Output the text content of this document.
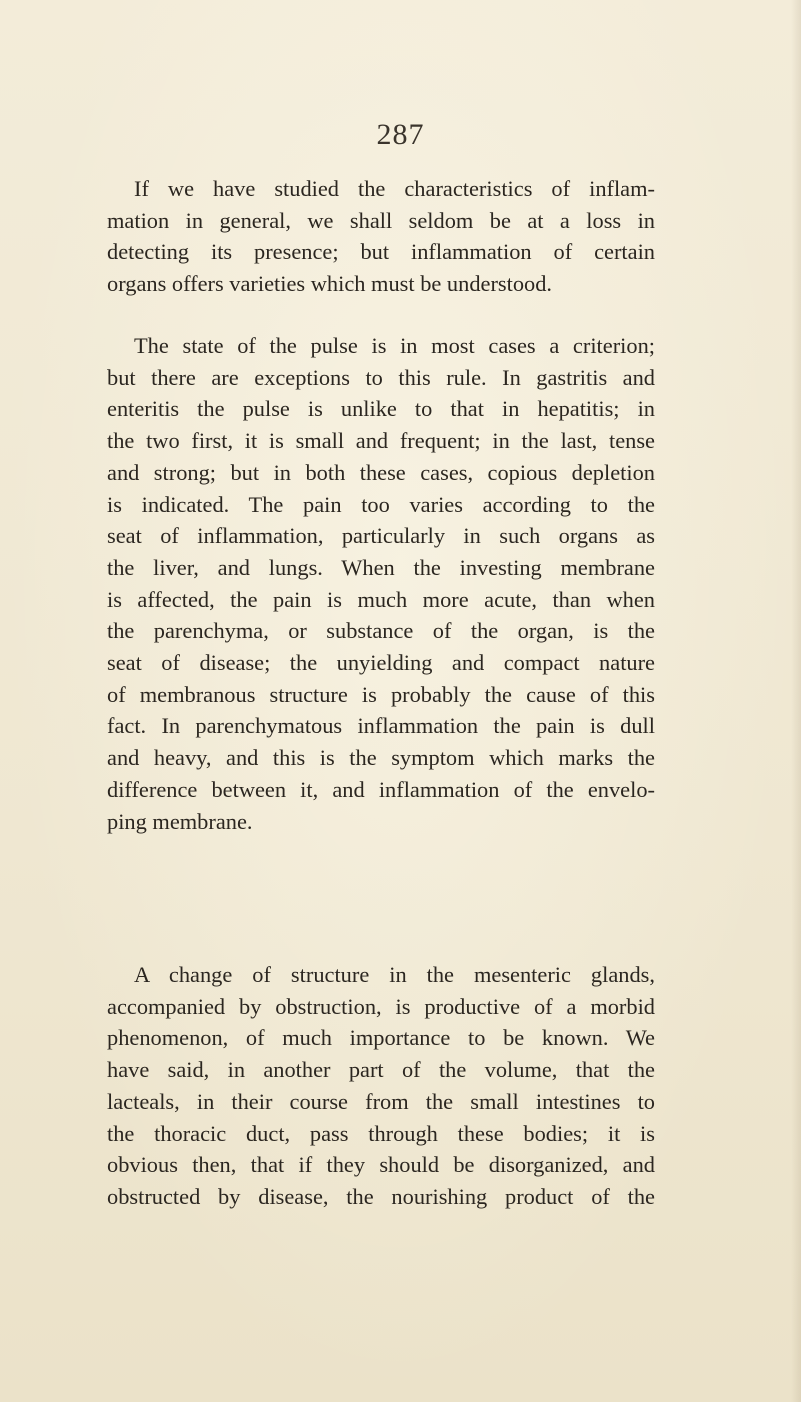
287
If we have studied the characteristics of inflam-
mation in general, we shall seldom be at a loss in
detecting its presence; but inflammation of certain
organs offers varieties which must be understood.
The state of the pulse is in most cases a criterion;
but there are exceptions to this rule. In gastritis and
enteritis the pulse is unlike to that in hepatitis; in
the two first, it is small and frequent; in the last, tense
and strong; but in both these cases, copious depletion
is indicated. The pain too varies according to the
seat of inflammation, particularly in such organs as
the liver, and lungs. When the investing membrane
is affected, the pain is much more acute, than when
the parenchyma, or substance of the organ, is the
seat of disease; the unyielding and compact nature
of membranous structure is probably the cause of this
fact. In parenchymatous inflammation the pain is dull
and heavy, and this is the symptom which marks the
difference between it, and inflammation of the envelo-
ping membrane.
A change of structure in the mesenteric glands,
accompanied by obstruction, is productive of a morbid
phenomenon, of much importance to be known. We
have said, in another part of the volume, that the
lacteals, in their course from the small intestines to
the thoracic duct, pass through these bodies; it is
obvious then, that if they should be disorganized, and
obstructed by disease, the nourishing product of the
